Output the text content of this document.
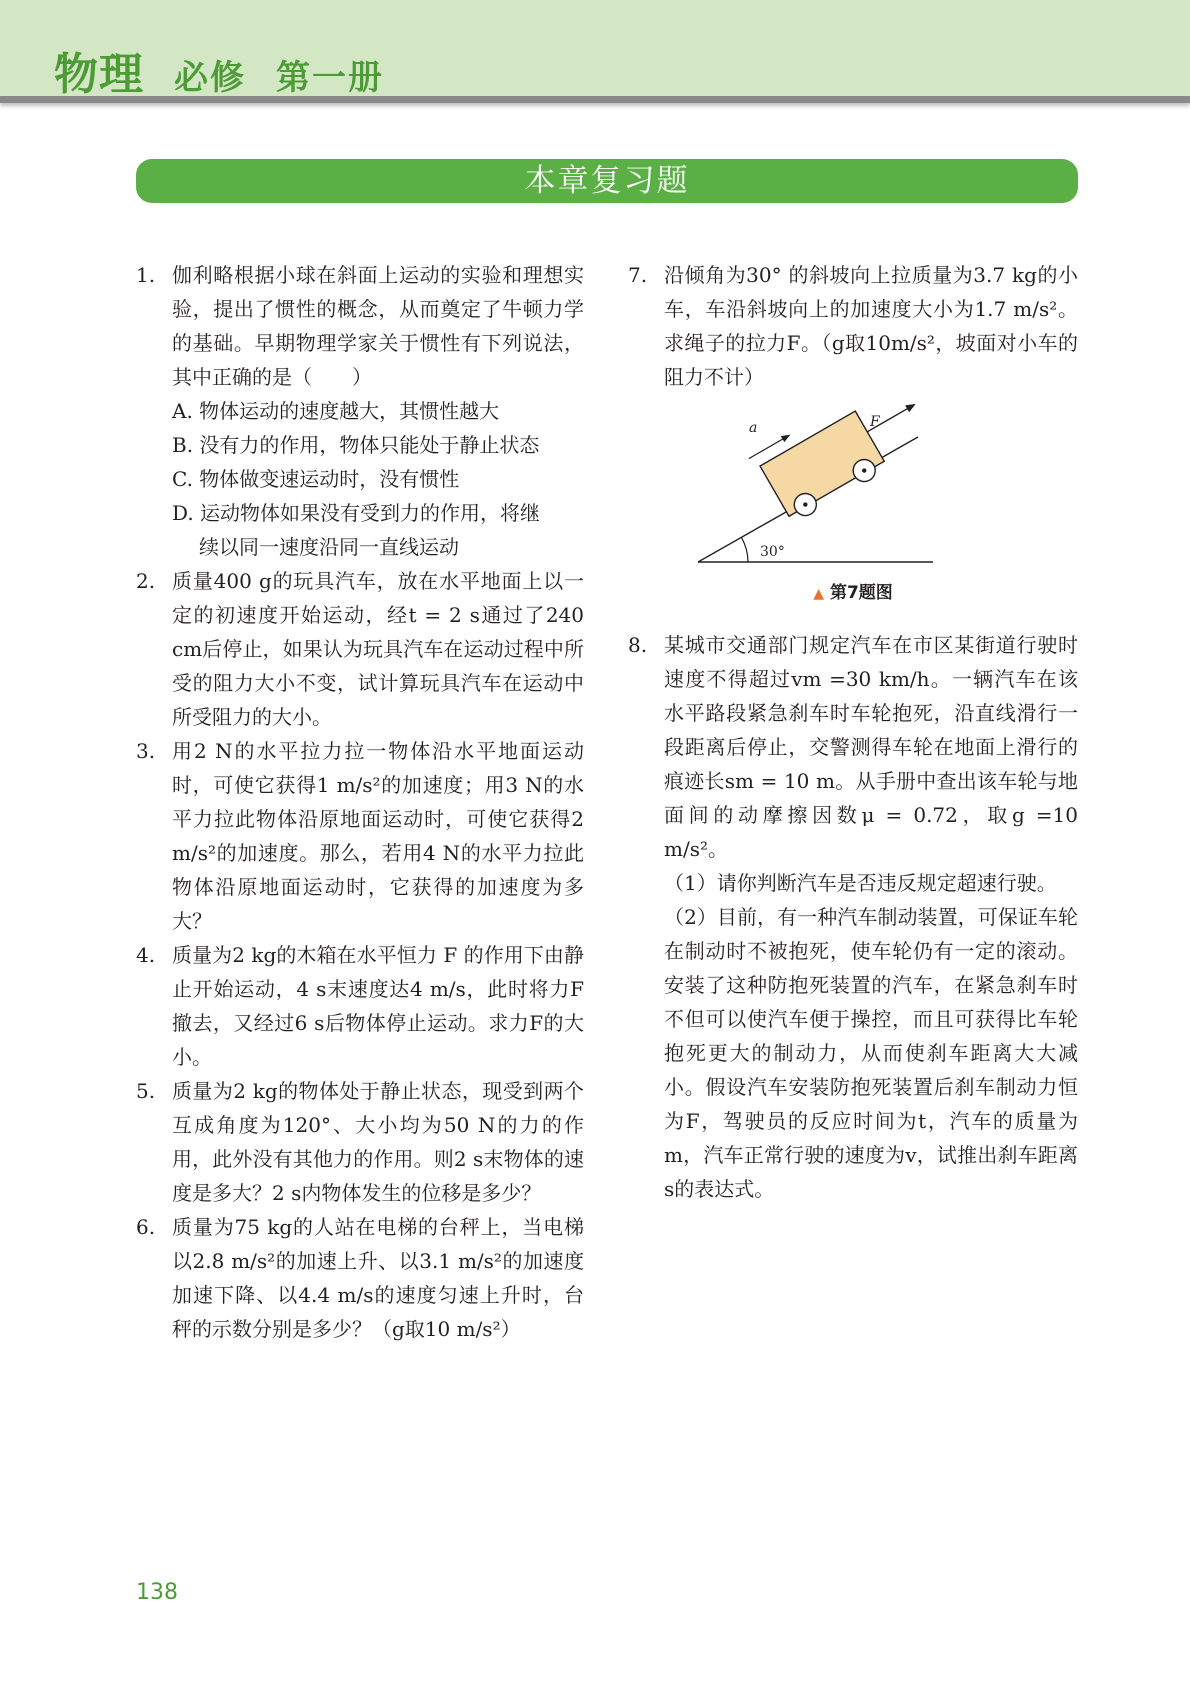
物理 必修 第一册
本章复习题
1. 伽利略根据小球在斜面上运动的实验和理想实验，提出了惯性的概念，从而奠定了牛顿力学的基础。早期物理学家关于惯性有下列说法，其中正确的是（　　）
A. 物体运动的速度越大，其惯性越大
B. 没有力的作用，物体只能处于静止状态
C. 物体做变速运动时，没有惯性
D. 运动物体如果没有受到力的作用，将继
续以同一速度沿同一直线运动
2. 质量400 g的玩具汽车，放在水平地面上以一定的初速度开始运动，经t = 2 s通过了240 cm后停止，如果认为玩具汽车在运动过程中所受的阻力大小不变，试计算玩具汽车在运动中所受阻力的大小。
3. 用2 N的水平拉力拉一物体沿水平地面运动时，可使它获得1 m/s²的加速度；用3 N的水平力拉此物体沿原地面运动时，可使它获得2 m/s²的加速度。那么，若用4 N的水平力拉此物体沿原地面运动时，它获得的加速度为多大？
4. 质量为2 kg的木箱在水平恒力 F 的作用下由静止开始运动，4 s末速度达4 m/s，此时将力F撤去，又经过6 s后物体停止运动。求力F的大小。
5. 质量为2 kg的物体处于静止状态，现受到两个互成角度为120°、大小均为50 N的力的作用，此外没有其他力的作用。则2 s末物体的速度是多大？2 s内物体发生的位移是多少？
6. 质量为75 kg的人站在电梯的台秤上，当电梯以2.8 m/s²的加速上升、以3.1 m/s²的加速度加速下降、以4.4 m/s的速度匀速上升时，台秤的示数分别是多少？（g取10 m/s²）
7. 沿倾角为30° 的斜坡向上拉质量为3.7 kg的小车，车沿斜坡向上的加速度大小为1.7 m/s²。求绳子的拉力F。（g取10m/s²，坡面对小车的阻力不计）
30°
F
a
▲ 第7题图
8. 某城市交通部门规定汽车在市区某街道行驶时速度不得超过vm =30 km/h。一辆汽车在该水平路段紧急刹车时车轮抱死，沿直线滑行一段距离后停止，交警测得车轮在地面上滑行的痕迹长sm = 10 m。从手册中查出该车轮与地面间的动摩擦因数μ = 0.72，取g =10 m/s²。
（1）请你判断汽车是否违反规定超速行驶。
（2）目前，有一种汽车制动装置，可保证车轮在制动时不被抱死，使车轮仍有一定的滚动。安装了这种防抱死装置的汽车，在紧急刹车时不但可以使汽车便于操控，而且可获得比车轮抱死更大的制动力，从而使刹车距离大大减小。假设汽车安装防抱死装置后刹车制动力恒为F，驾驶员的反应时间为t，汽车的质量为m，汽车正常行驶的速度为v，试推出刹车距离s的表达式。
138
